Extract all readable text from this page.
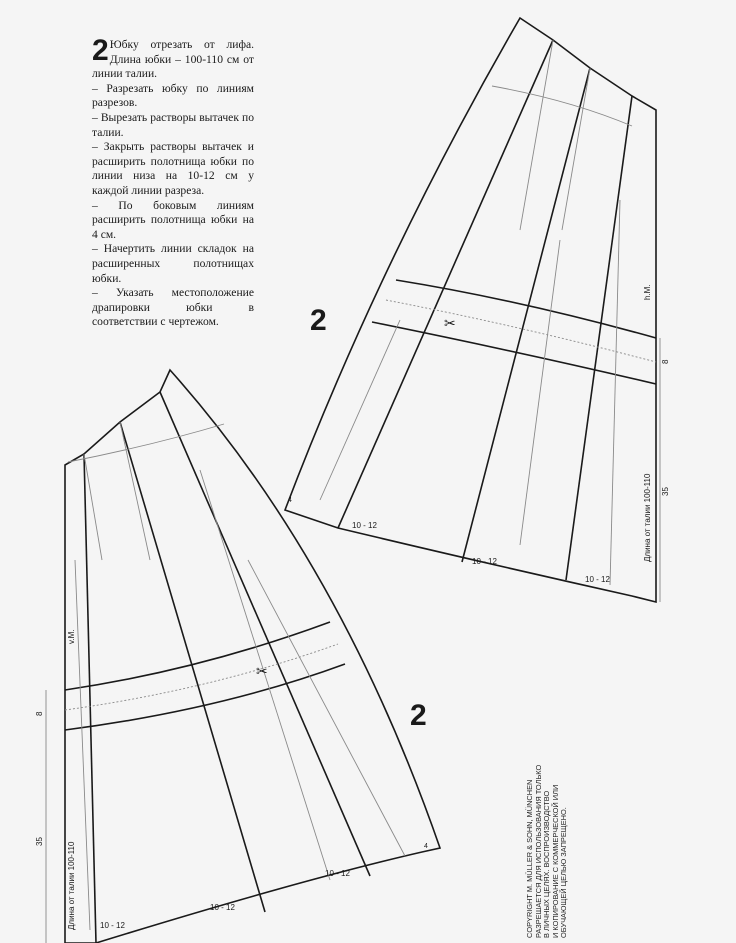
2 Юбку отрезать от лифа. Длина юбки – 100-110 см от линии талии.

– Разрезать юбку по линиям разрезов.

– Вырезать растворы вытачек по талии.

– Закрыть растворы вытачек и расширить полотнища юбки по линии низа на 10-12 см у каждой линии разреза.

– По боковым линиям расширить полотнища юбки на 4 см.

– Начертить линии складок на расширенных полотнищах юбки.

– Указать местоположение драпировки юбки в соответствии с чертежом.	2
h.M.
8
35
Длина от талии 100-110
4
10 - 12
10 - 12
10 - 12
✂
2
v.M.
8
35
Длина от талии 100-110	4
10 - 12
10 - 12
10 - 12
✂
COPYRIGHT M. MÜLLER & SOHN, MÜNCHEN РАЗРЕШАЕТСЯ ДЛЯ ИСПОЛЬЗОВАНИЯ ТОЛЬКО В ЛИЧНЫХ ЦЕЛЯХ. ВОСПРОИЗВОДСТВО И КОПИРОВАНИЕ С КОММЕРЧЕСКОЙ ИЛИ ОБУЧАЮЩЕЙ ЦЕЛЬЮ ЗАПРЕЩЕНО.
